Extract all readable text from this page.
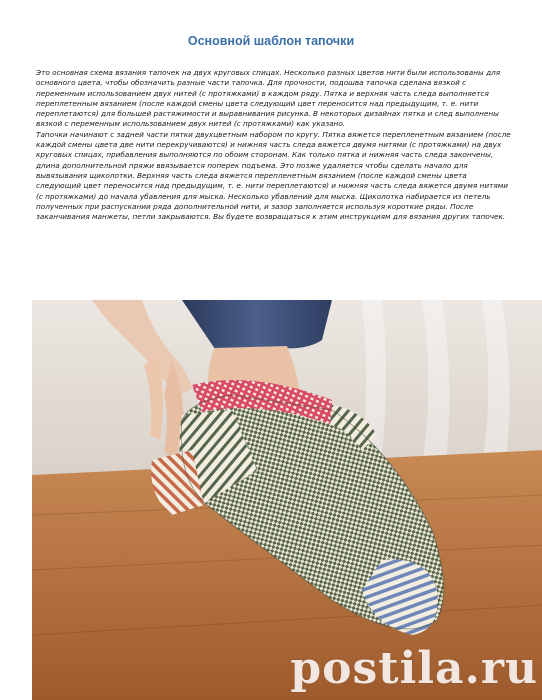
Основной шаблон тапочки

Это основная схема вязания тапочек на двух круговых спицах. Несколько разных цветов нити были использованы для основного цвета, чтобы обозначить разные части тапочка. Для прочности, подошва тапочка сделана вязкой с переменным использованием двух нитей (с протяжками) в каждом ряду. Пятка и верхняя часть следа выполняется переплетенным вязанием (после каждой смены цвета следующий цвет переносится над предыдущим, т. е. нити переплетаются) для большей растяжимости и выравнивания рисунка. В некоторых дизайнах пятка и след выполнены вязкой с переменным использованием двух нитей (с протяжками) как указано.

Тапочки начинают с задней части пятки двухцветным набором по кругу. Пятка вяжется перепленетным вязанием (после каждой смены цвета две нити перекручиваются) и нижняя часть следа вяжется двумя нитями (с протяжками) на двух круговых спицах, прибавления выполняются по обоим сторонам. Как только пятка и нижняя часть следа закончены, длина дополнительной пряжи ввязывается поперек подъема. Это позже удаляется чтобы сделать начало для вывязывания щиколотки. Верхняя часть следа вяжется перепленетным вязанием (после каждой смены цвета следующий цвет переносится над предыдущим, т. е. нити переплетаются) и нижняя часть следа вяжется двумя нитями (с протяжками) до начала убавления для мыска. Несколько убавлений для мыска. Щиколотка набирается из петель полученных при распускании ряда дополнительной нити, и зазор заполняется используя короткие ряды. После заканчивания манжеты, петли закрываются. Вы будете возвращаться к этим инструкциям для вязания других тапочек.

postila.ru
